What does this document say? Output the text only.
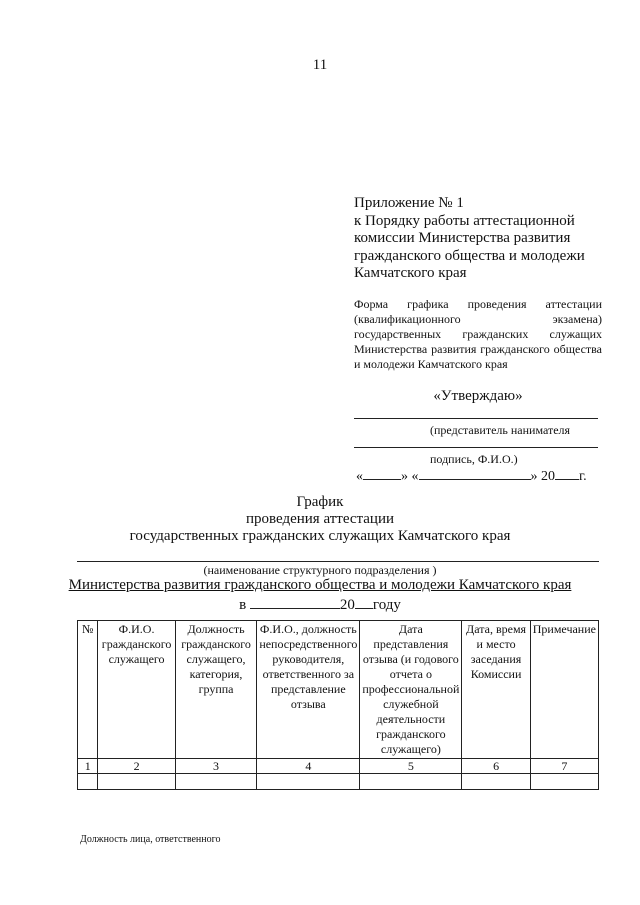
11
Приложение № 1
к Порядку работы аттестационной
комиссии Министерства развития
гражданского общества и молодежи
Камчатского края
Форма графика проведения аттестации (квалификационного экзамена) государственных гражданских служащих Министерства развития гражданского общества и молодежи Камчатского края
«Утверждаю»
(представитель нанимателя
подпись, Ф.И.О.)
«	» «	» 20 г.
График
проведения аттестации
государственных гражданских служащих Камчатского края
(наименование структурного подразделения )
Министерства развития гражданского общества и молодежи Камчатского края
в	20 году
№	Ф.И.О. гражданского служащего	Должность гражданского служащего, категория, группа	Ф.И.О., должность непосредственного руководителя, ответственного за представление отзыва	Дата представления отзыва (и годового отчета о профессиональной служебной деятельности гражданского служащего)	Дата, время и место заседания Комиссии	Примечание
1	2	3	4	5	6	7

Должность лица, ответственного
